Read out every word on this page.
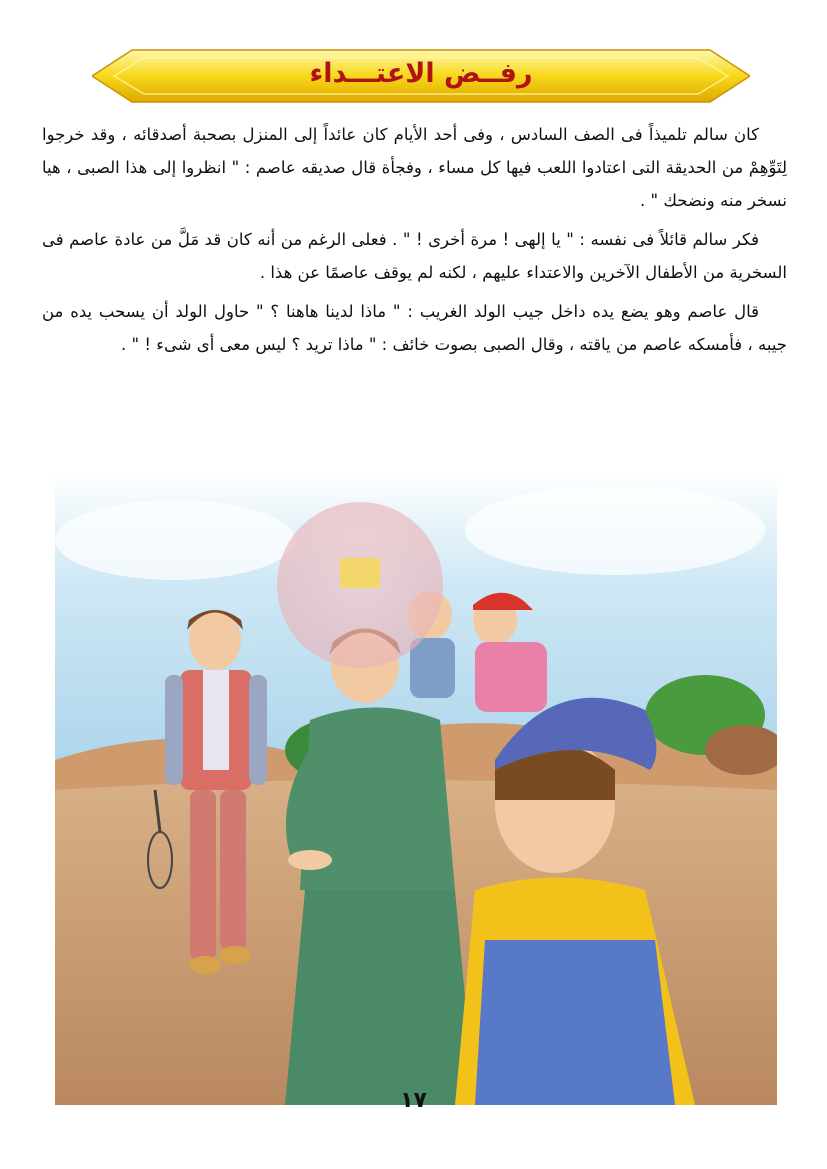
رفــض الاعتـــداء

كان سالم تلميذاً فى الصف السادس ، وفى أحد الأيام كان عائداً إلى المنزل بصحبة أصدقائه ، وقد خرجوا لِتَوِّهِمْ من الحديقة التى اعتادوا اللعب فيها كل مساء ، وفجأة قال صديقه عاصم : " انظروا إلى هذا الصبى ، هيا نسخر منه ونضحك " .

فكر سالم قائلاً فى نفسه : " يا إلهى ! مرة أخرى ! " . فعلى الرغم من أنه كان قد مَلَّ من عادة عاصم فى السخرية من الأطفال الآخرين والاعتداء عليهم ، لكنه لم يوقف عاصمًا عن هذا .

قال عاصم وهو يضع يده داخل جيب الولد الغريب : " ماذا لدينا هاهنا ؟ " حاول الولد أن يسحب يده من جيبه ، فأمسكه عاصم من ياقته ، وقال الصبى بصوت خائف : " ماذا تريد ؟ ليس معى أى شىء ! " .

١٧
